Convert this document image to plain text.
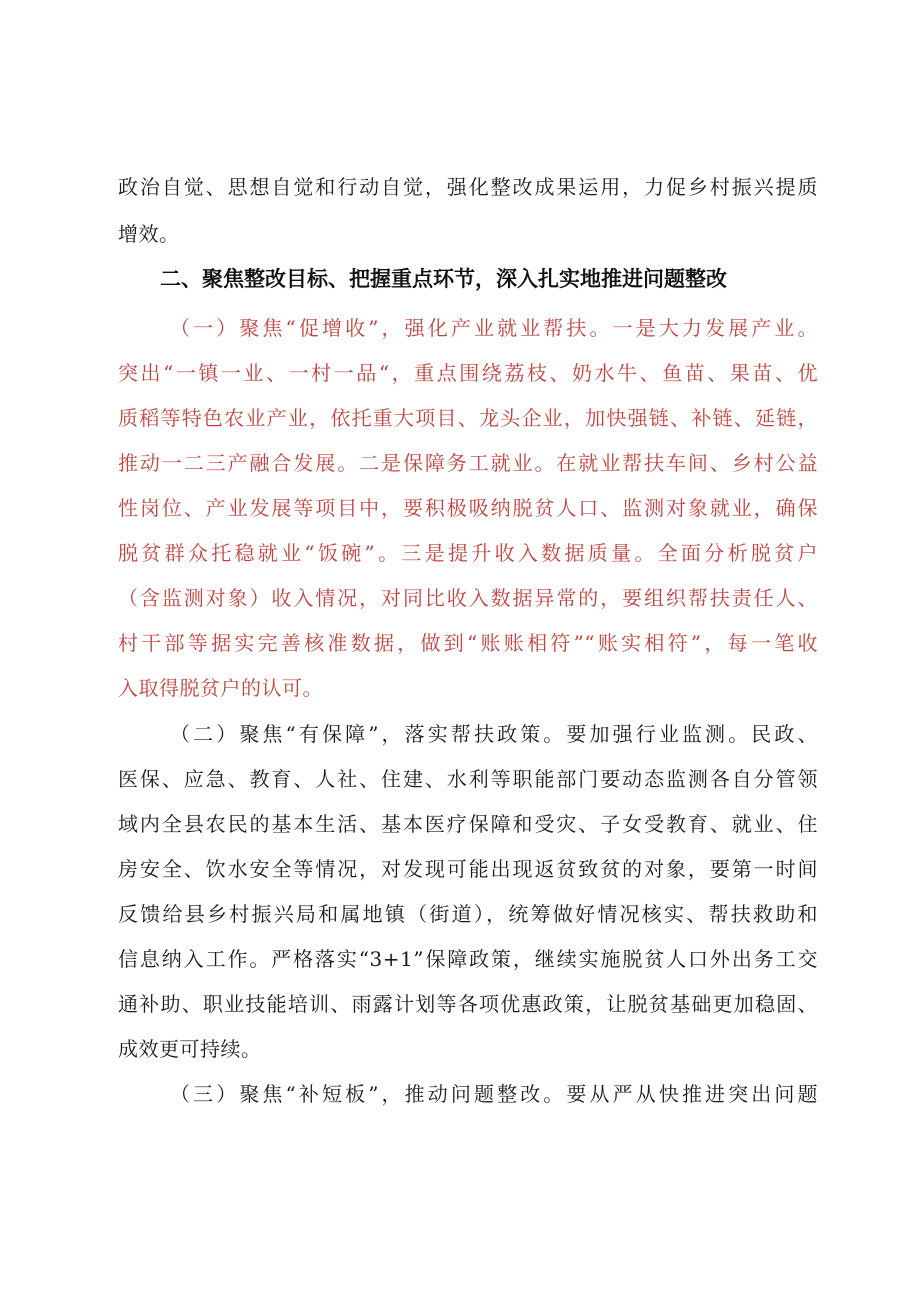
政治自觉、思想自觉和行动自觉，强化整改成果运用，力促乡村振兴提质
增效。
二、聚焦整改目标、把握重点环节，深入扎实地推进问题整改
（一）聚焦“促增收”，强化产业就业帮扶。一是大力发展产业。
突出“一镇一业、一村一品“，重点围绕荔枝、奶水牛、鱼苗、果苗、优
质稻等特色农业产业，依托重大项目、龙头企业，加快强链、补链、延链，
推动一二三产融合发展。二是保障务工就业。在就业帮扶车间、乡村公益
性岗位、产业发展等项目中，要积极吸纳脱贫人口、监测对象就业，确保
脱贫群众托稳就业“饭碗”。三是提升收入数据质量。全面分析脱贫户
（含监测对象）收入情况，对同比收入数据异常的，要组织帮扶责任人、
村干部等据实完善核准数据，做到“账账相符”“账实相符”，每一笔收
入取得脱贫户的认可。
（二）聚焦“有保障”，落实帮扶政策。要加强行业监测。民政、
医保、应急、教育、人社、住建、水利等职能部门要动态监测各自分管领
域内全县农民的基本生活、基本医疗保障和受灾、子女受教育、就业、住
房安全、饮水安全等情况，对发现可能出现返贫致贫的对象，要第一时间
反馈给县乡村振兴局和属地镇（街道），统筹做好情况核实、帮扶救助和
信息纳入工作。严格落实“3+1”保障政策，继续实施脱贫人口外出务工交
通补助、职业技能培训、雨露计划等各项优惠政策，让脱贫基础更加稳固、
成效更可持续。
（三）聚焦“补短板”，推动问题整改。要从严从快推进突出问题
